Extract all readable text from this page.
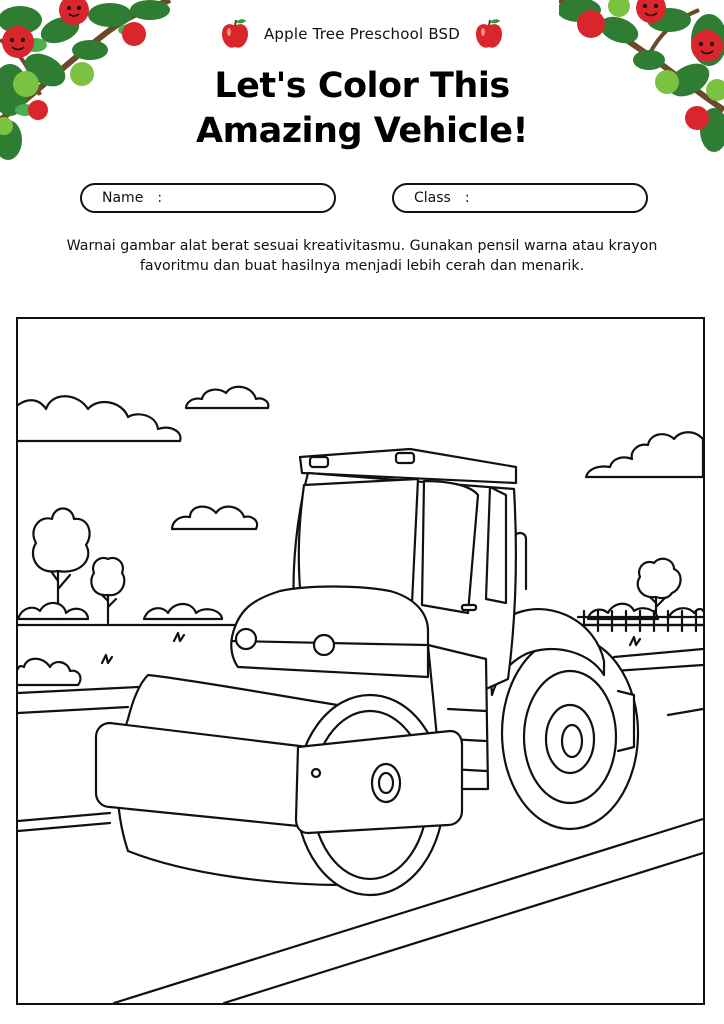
Apple Tree Preschool BSD
Let's Color This
Amazing Vehicle!
Name :	Class :
Warnai gambar alat berat sesuai kreativitasmu. Gunakan pensil warna atau krayon favoritmu dan buat hasilnya menjadi lebih cerah dan menarik.
